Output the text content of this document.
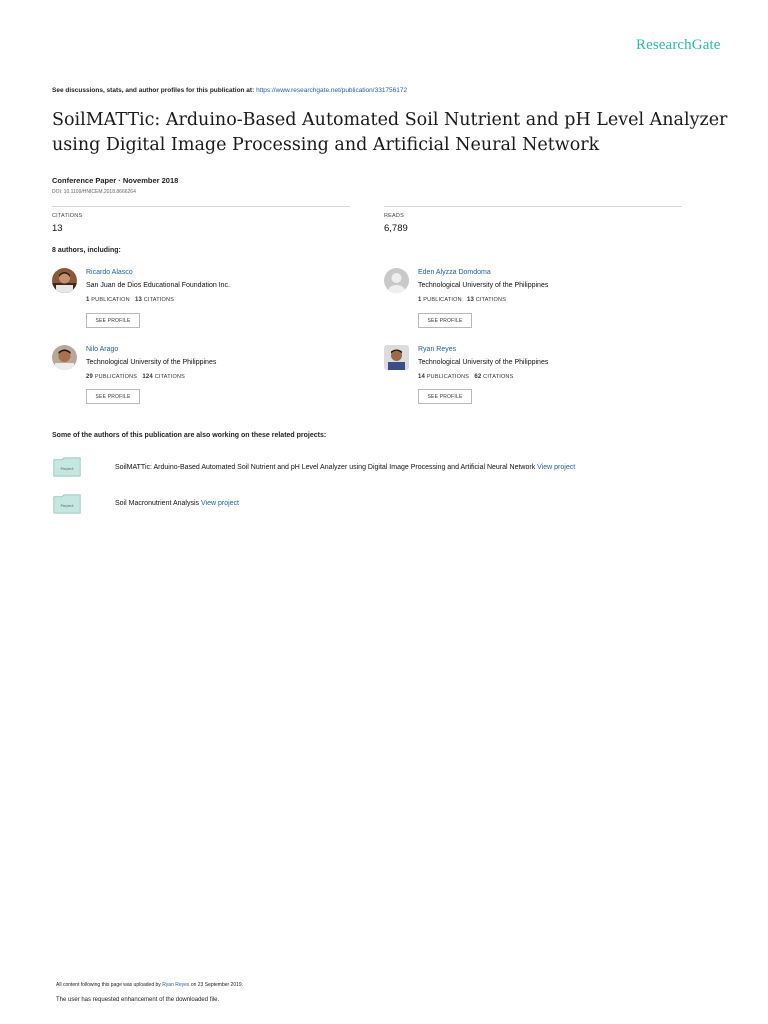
ResearchGate
See discussions, stats, and author profiles for this publication at: https://www.researchgate.net/publication/331756172
SoilMATTic: Arduino-Based Automated Soil Nutrient and pH Level Analyzer using Digital Image Processing and Artificial Neural Network
Conference Paper · November 2018
DOI: 10.1109/HNICEM.2018.8666264
CITATIONS
13
READS
6,789
8 authors, including:
Ricardo Alasco
San Juan de Dios Educational Foundation Inc.
1 PUBLICATION 13 CITATIONS
SEE PROFILE
Eden Alyzza Domdoma
Technological University of the Philippines
1 PUBLICATION 13 CITATIONS
SEE PROFILE
Nilo Arago
Technological University of the Philippines
29 PUBLICATIONS 124 CITATIONS
SEE PROFILE
Ryan Reyes
Technological University of the Philippines
14 PUBLICATIONS 62 CITATIONS
SEE PROFILE
Some of the authors of this publication are also working on these related projects:
Project	SoilMATTic: Arduino-Based Automated Soil Nutrient and pH Level Analyzer using Digital Image Processing and Artificial Neural Network View project
Project	Soil Macronutrient Analysis View project
All content following this page was uploaded by Ryan Reyes on 23 September 2019.
The user has requested enhancement of the downloaded file.
